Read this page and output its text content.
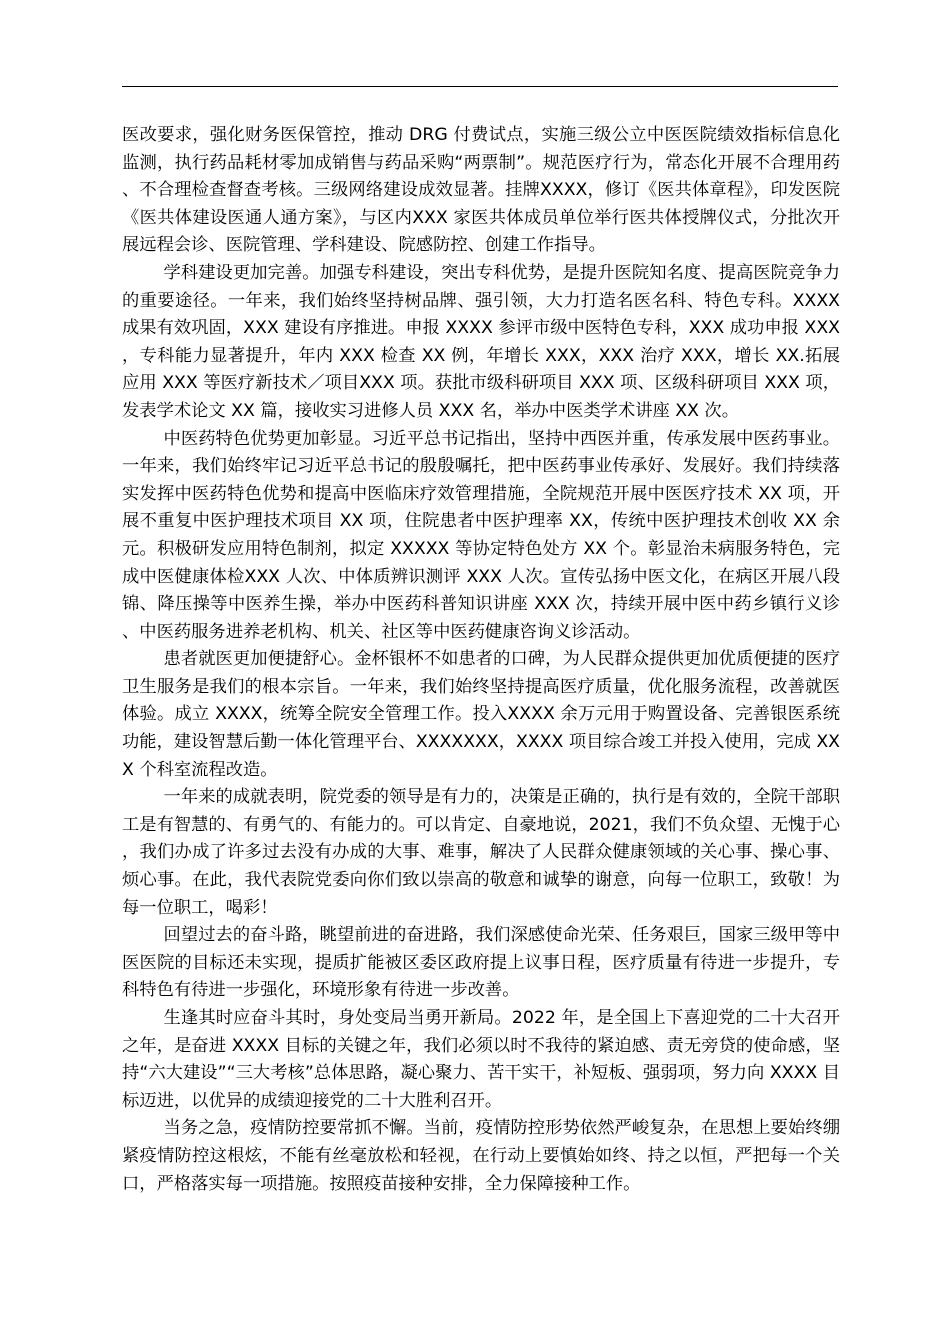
医改要求，强化财务医保管控，推动 DRG 付费试点，实施三级公立中医医院绩效指标信息化监测，执行药品耗材零加成销售与药品采购“两票制”。规范医疗行为，常态化开展不合理用药、不合理检查督查考核。三级网络建设成效显著。挂牌XXXX，修订《医共体章程》，印发医院《医共体建设医通人通方案》，与区内XXX 家医共体成员单位举行医共体授牌仪式，分批次开展远程会诊、医院管理、学科建设、院感防控、创建工作指导。

学科建设更加完善。加强专科建设，突出专科优势，是提升医院知名度、提高医院竞争力的重要途径。一年来，我们始终坚持树品牌、强引领，大力打造名医名科、特色专科。XXXX 成果有效巩固，XXX 建设有序推进。申报 XXXX 参评市级中医特色专科，XXX 成功申报 XXX，专科能力显著提升，年内 XXX 检查 XX 例，年增长 XXX，XXX 治疗 XXX，增长 XX.拓展应用 XXX 等医疗新技术／项目XXX 项。获批市级科研项目 XXX 项、区级科研项目 XXX 项，发表学术论文 XX 篇，接收实习进修人员 XXX 名，举办中医类学术讲座 XX 次。

中医药特色优势更加彰显。习近平总书记指出，坚持中西医并重，传承发展中医药事业。一年来，我们始终牢记习近平总书记的殷殷嘱托，把中医药事业传承好、发展好。我们持续落实发挥中医药特色优势和提高中医临床疗效管理措施，全院规范开展中医医疗技术 XX 项，开展不重复中医护理技术项目 XX 项，住院患者中医护理率 XX，传统中医护理技术创收 XX 余元。积极研发应用特色制剂，拟定 XXXXX 等协定特色处方 XX 个。彰显治未病服务特色，完成中医健康体检XXX 人次、中体质辨识测评 XXX 人次。宣传弘扬中医文化，在病区开展八段锦、降压操等中医养生操，举办中医药科普知识讲座 XXX 次，持续开展中医中药乡镇行义诊、中医药服务进养老机构、机关、社区等中医药健康咨询义诊活动。

患者就医更加便捷舒心。金杯银杯不如患者的口碑，为人民群众提供更加优质便捷的医疗卫生服务是我们的根本宗旨。一年来，我们始终坚持提高医疗质量，优化服务流程，改善就医体验。成立 XXXX，统筹全院安全管理工作。投入XXXX 余万元用于购置设备、完善银医系统功能，建设智慧后勤一体化管理平台、XXXXXXX，XXXX 项目综合竣工并投入使用，完成 XXX 个科室流程改造。

一年来的成就表明，院党委的领导是有力的，决策是正确的，执行是有效的，全院干部职工是有智慧的、有勇气的、有能力的。可以肯定、自豪地说，2021，我们不负众望、无愧于心，我们办成了许多过去没有办成的大事、难事，解决了人民群众健康领域的关心事、操心事、烦心事。在此，我代表院党委向你们致以崇高的敬意和诚挚的谢意，向每一位职工，致敬！为每一位职工，喝彩！

回望过去的奋斗路，眺望前进的奋进路，我们深感使命光荣、任务艰巨，国家三级甲等中医医院的目标还未实现，提质扩能被区委区政府提上议事日程，医疗质量有待进一步提升，专科特色有待进一步强化，环境形象有待进一步改善。

生逢其时应奋斗其时，身处变局当勇开新局。2022 年，是全国上下喜迎党的二十大召开之年，是奋进 XXXX 目标的关键之年，我们必须以时不我待的紧迫感、责无旁贷的使命感，坚持“六大建设”“三大考核”总体思路，凝心聚力、苦干实干，补短板、强弱项，努力向 XXXX 目标迈进，以优异的成绩迎接党的二十大胜利召开。

当务之急，疫情防控要常抓不懈。当前，疫情防控形势依然严峻复杂，在思想上要始终绷紧疫情防控这根炫，不能有丝毫放松和轻视，在行动上要慎始如终、持之以恒，严把每一个关口，严格落实每一项措施。按照疫苗接种安排，全力保障接种工作。
